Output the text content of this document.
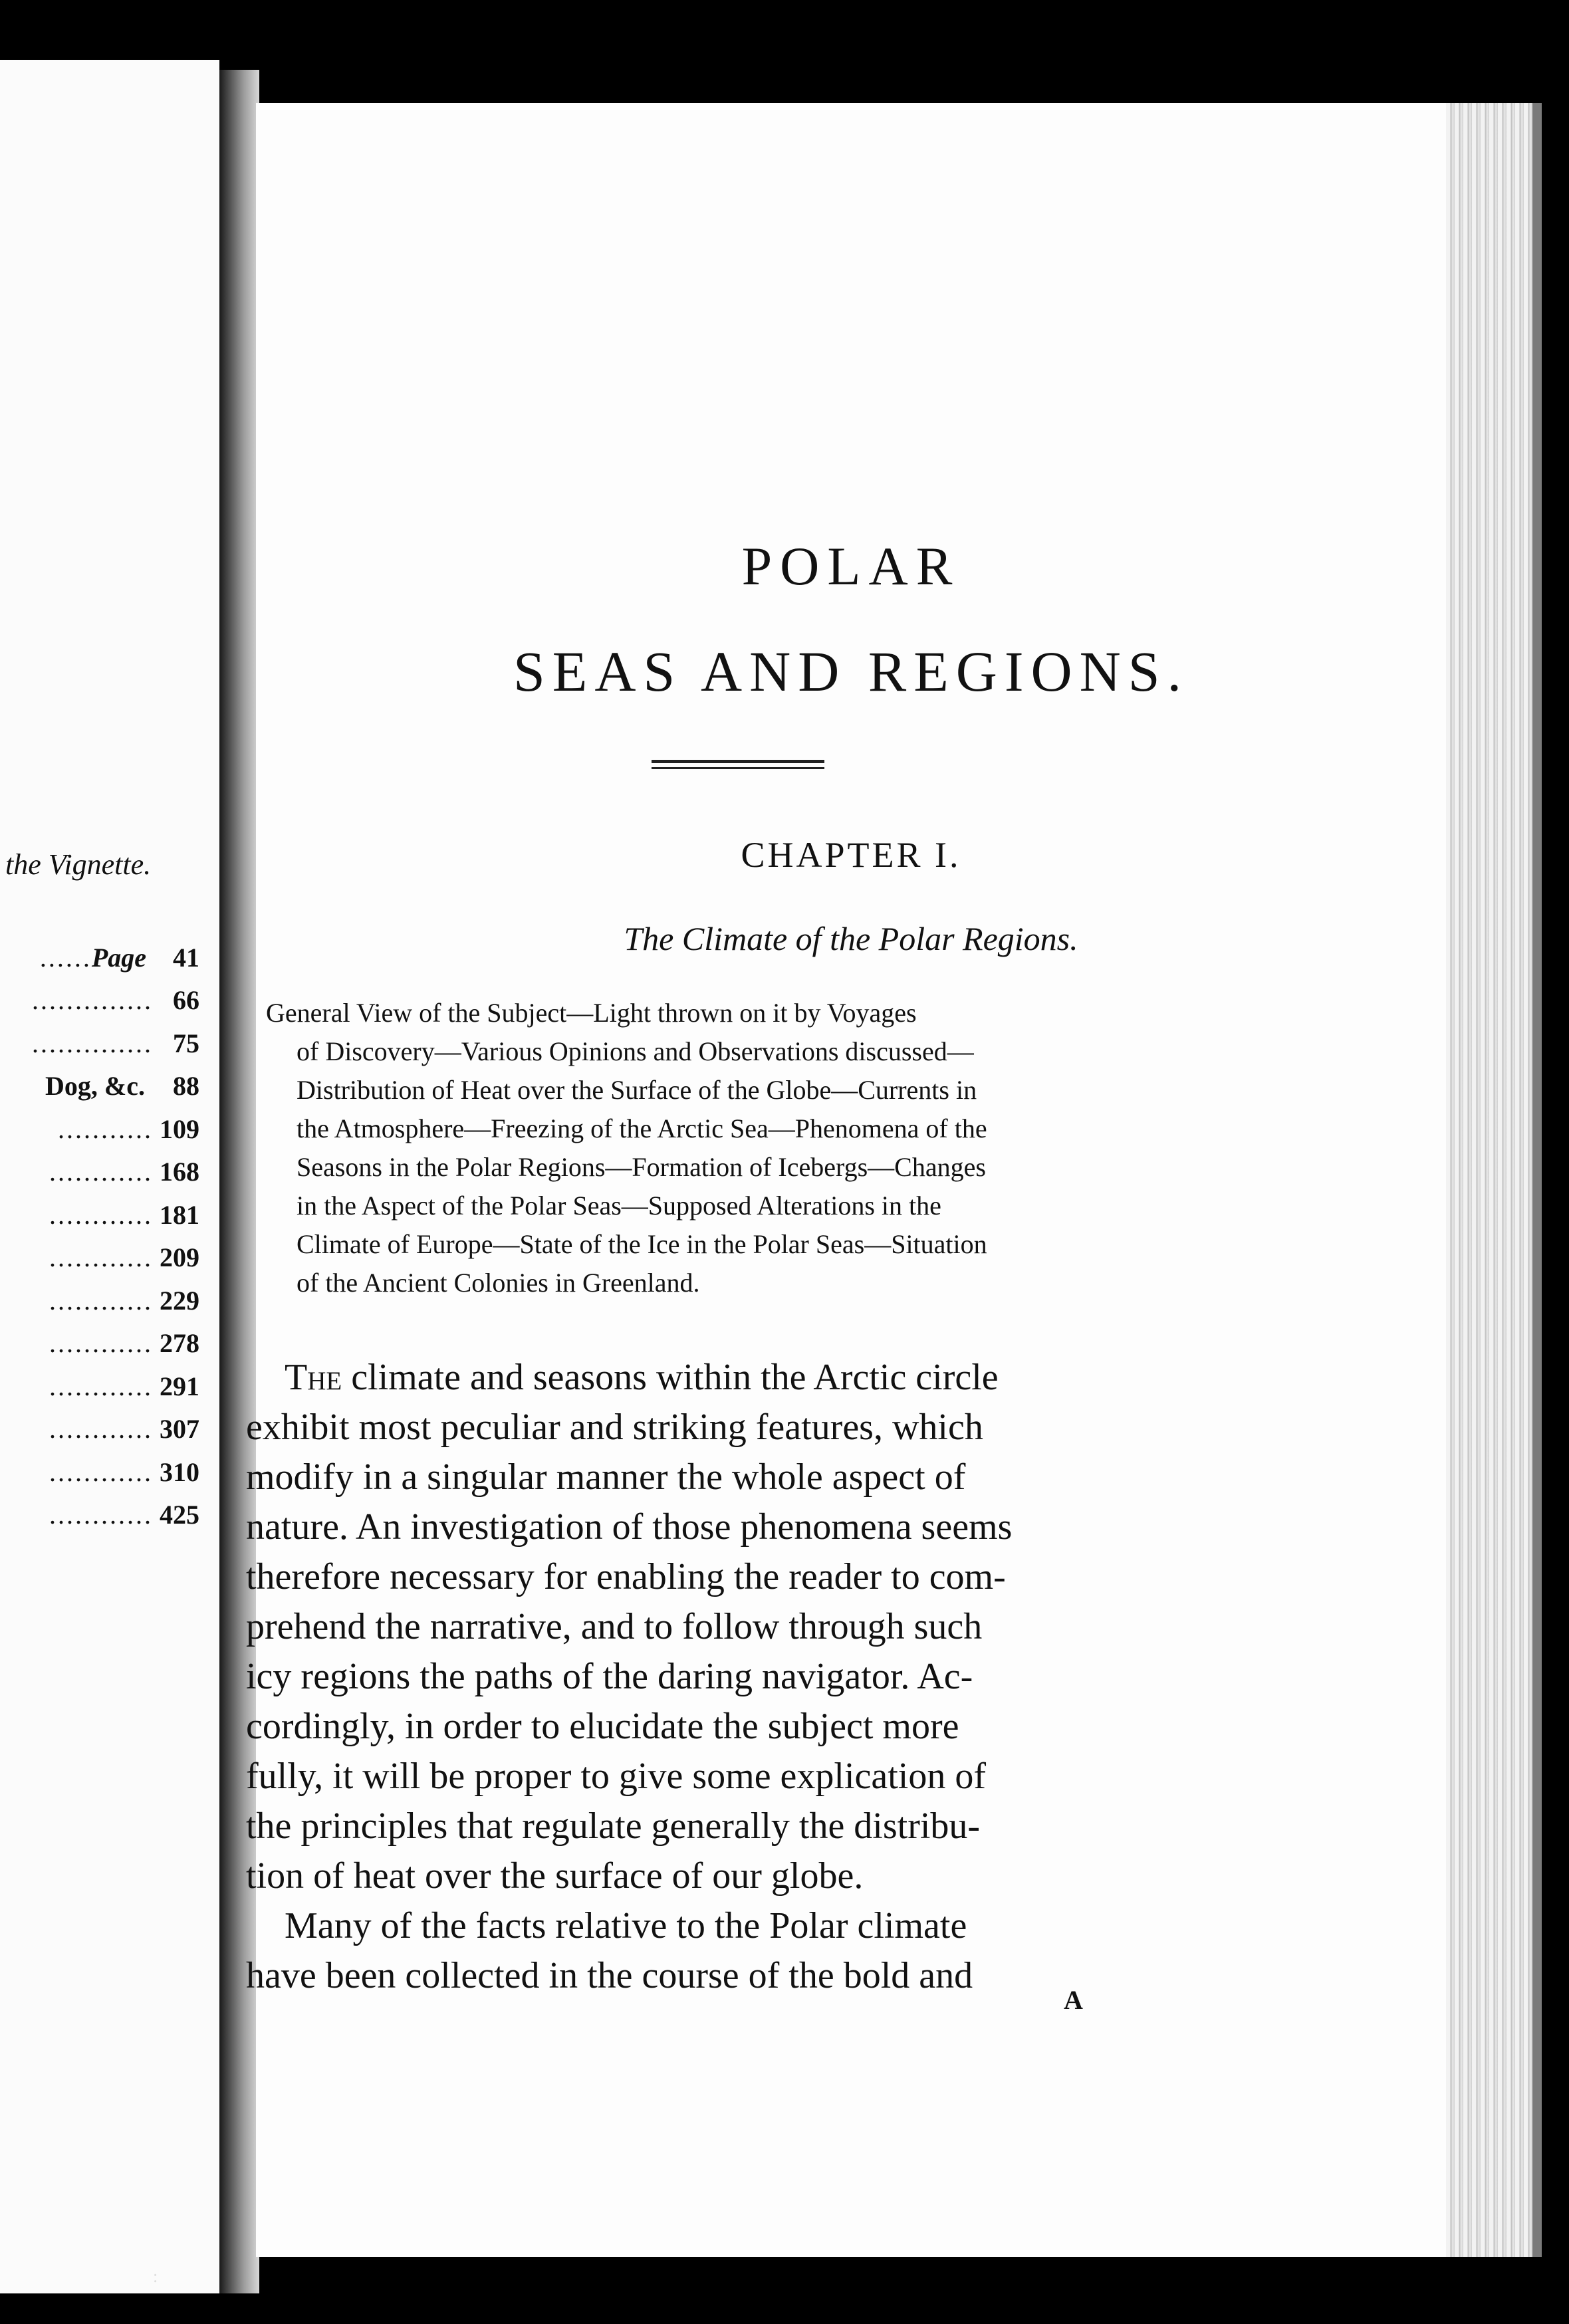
the Vignette.
...... Page	41
.............. 66
.............. 75
Dog, &c.	88
........... 109
............ 168
............ 181
............ 209
............ 229
............ 278
............ 291
............ 307
............ 310
............ 425
POLAR
SEAS AND REGIONS.
CHAPTER I.
The Climate of the Polar Regions.
General View of the Subject—Light thrown on it by Voyages
of Discovery—Various Opinions and Observations discussed—
Distribution of Heat over the Surface of the Globe—Currents in
the Atmosphere—Freezing of the Arctic Sea—Phenomena of the
Seasons in the Polar Regions—Formation of Icebergs—Changes
in the Aspect of the Polar Seas—Supposed Alterations in the
Climate of Europe—State of the Ice in the Polar Seas—Situation
of the Ancient Colonies in Greenland.
The climate and seasons within the Arctic circle
exhibit most peculiar and striking features, which
modify in a singular manner the whole aspect of
nature. An investigation of those phenomena seems
therefore necessary for enabling the reader to com-
prehend the narrative, and to follow through such
icy regions the paths of the daring navigator. Ac-
cordingly, in order to elucidate the subject more
fully, it will be proper to give some explication of
the principles that regulate generally the distribu-
tion of heat over the surface of our globe.
Many of the facts relative to the Polar climate
have been collected in the course of the bold and
A
:
